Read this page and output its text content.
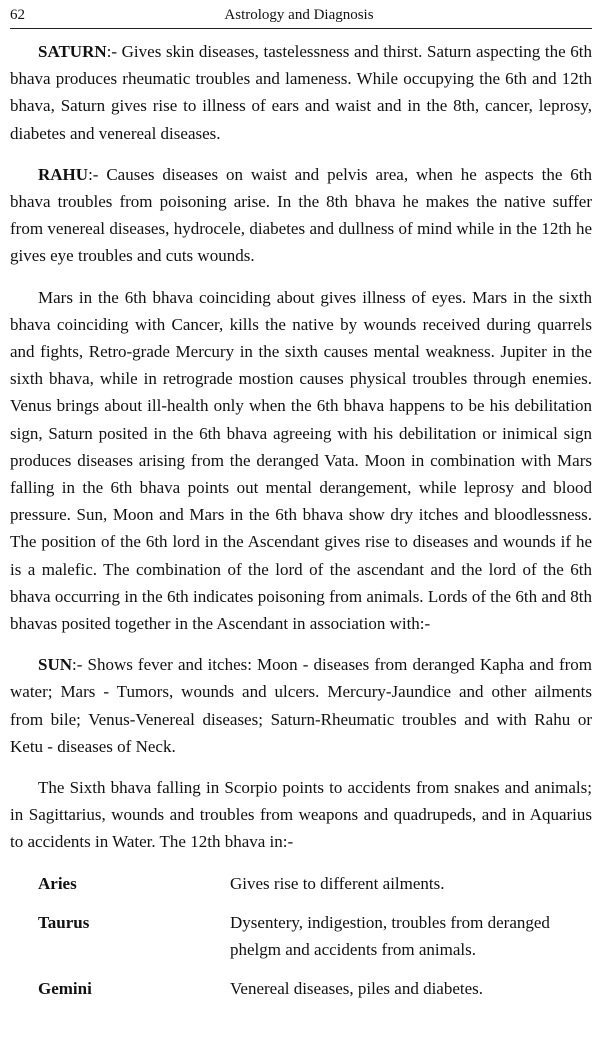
62	Astrology and Diagnosis

SATURN:- Gives skin diseases, tastelessness and thirst. Saturn aspecting the 6th bhava produces rheumatic troubles and lameness. While occupying the 6th and 12th bhava, Saturn gives rise to illness of ears and waist and in the 8th, cancer, leprosy, diabetes and venereal diseases.

RAHU:- Causes diseases on waist and pelvis area, when he aspects the 6th bhava troubles from poisoning arise. In the 8th bhava he makes the native suffer from venereal diseases, hydrocele, diabetes and dullness of mind while in the 12th he gives eye troubles and cuts wounds.

Mars in the 6th bhava coinciding about gives illness of eyes. Mars in the sixth bhava coinciding with Cancer, kills the native by wounds received during quarrels and fights, Retro-grade Mercury in the sixth causes mental weakness. Jupiter in the sixth bhava, while in retrograde mostion causes physical troubles through enemies. Venus brings about ill-health only when the 6th bhava happens to be his debilitation sign, Saturn posited in the 6th bhava agreeing with his debilitation or inimical sign produces diseases arising from the deranged Vata. Moon in combination with Mars falling in the 6th bhava points out mental derangement, while leprosy and blood pressure. Sun, Moon and Mars in the 6th bhava show dry itches and bloodlessness. The position of the 6th lord in the Ascendant gives rise to diseases and wounds if he is a malefic. The combination of the lord of the ascendant and the lord of the 6th bhava occurring in the 6th indicates poisoning from animals. Lords of the 6th and 8th bhavas posited together in the Ascendant in association with:-

SUN:- Shows fever and itches: Moon - diseases from deranged Kapha and from water; Mars - Tumors, wounds and ulcers. Mercury-Jaundice and other ailments from bile; Venus-Venereal diseases; Saturn-Rheumatic troubles and with Rahu or Ketu - diseases of Neck.

The Sixth bhava falling in Scorpio points to accidents from snakes and animals; in Sagittarius, wounds and troubles from weapons and quadrupeds, and in Aquarius to accidents in Water. The 12th bhava in:-

Aries	Gives rise to different ailments.
Taurus	Dysentery, indigestion, troubles from deranged phelgm and accidents from animals.
Gemini	Venereal diseases, piles and diabetes.
